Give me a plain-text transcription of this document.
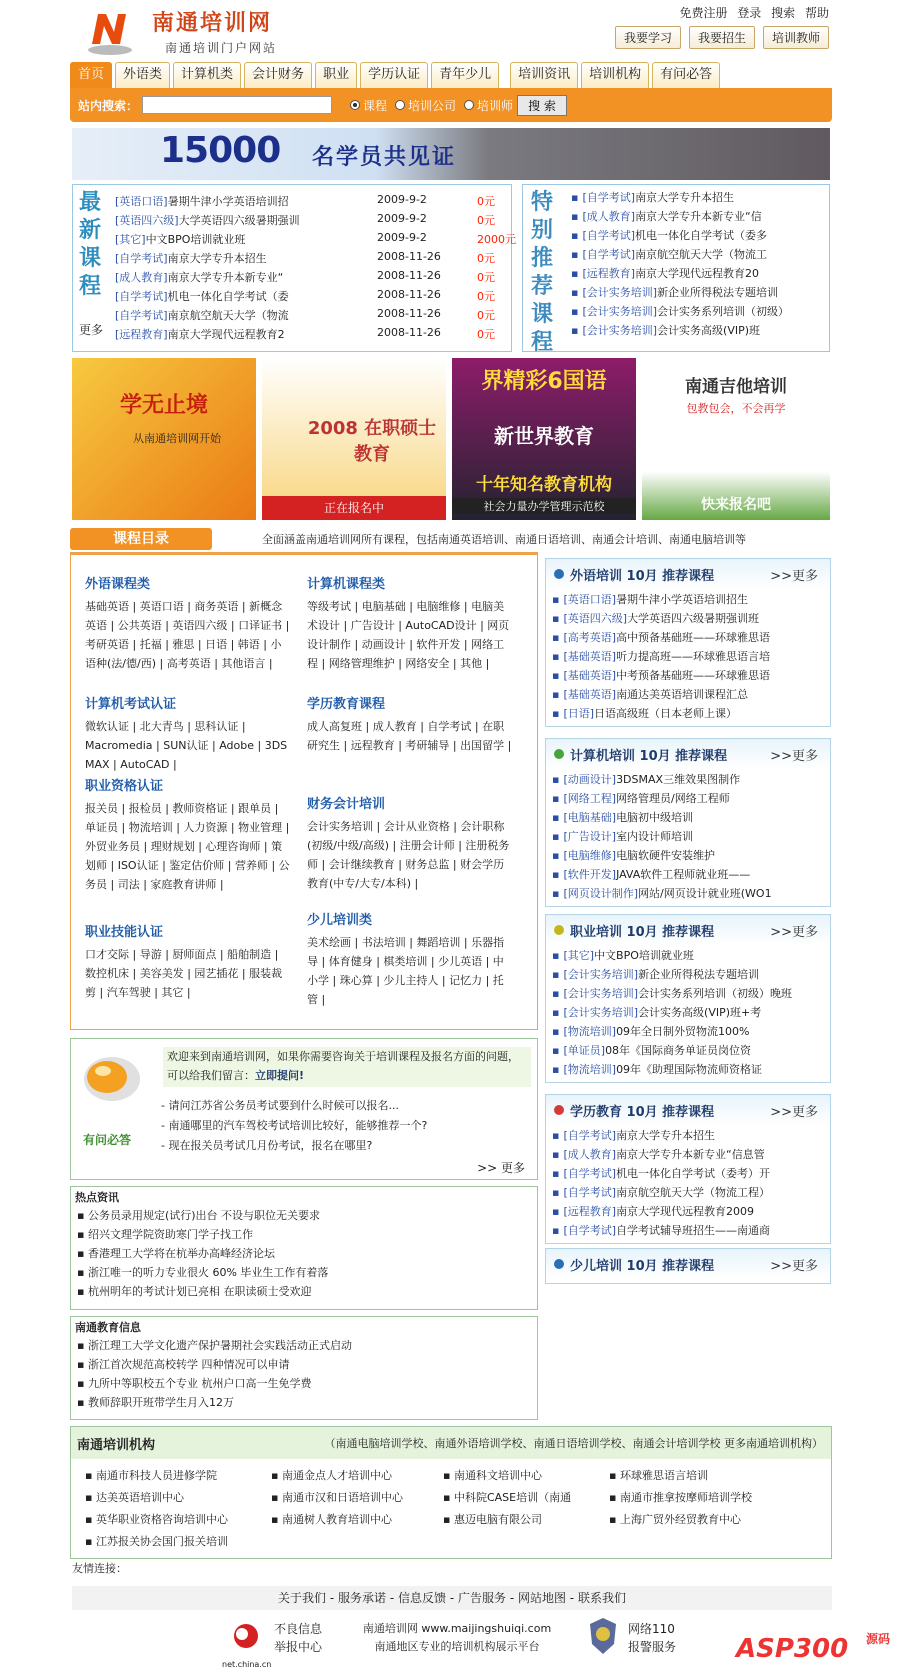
南通培训网
南通培训门户网站
免费注册 登录 搜索 帮助
我要学习	我要招生	培训教师
首页	外语类	计算机类	会计财务	职业	学历认证	青年少儿	培训资讯	培训机构	有问必答
站内搜索：	课程 培训公司 培训师	搜 索
15000 名学员共见证
最新课程
更多
[英语口语]暑期牛津小学英语培训招	2009-9-2	0元
[英语四六级]大学英语四六级暑期强训	2009-9-2	0元
[其它]中文BPO培训就业班	2009-9-2	2000元
[自学考试]南京大学专升本招生	2008-11-26	0元
[成人教育]南京大学专升本新专业“	2008-11-26	0元
[自学考试]机电一体化自学考试（委	2008-11-26	0元
[自学考试]南京航空航天大学（物流	2008-11-26	0元
[远程教育]南京大学现代远程教育2	2008-11-26	0元
特别推荐课程
▪ [自学考试]南京大学专升本招生
▪ [成人教育]南京大学专升本新专业“信
▪ [自学考试]机电一体化自学考试（委多
▪ [自学考试]南京航空航天大学（物流工
▪ [远程教育]南京大学现代远程教育20
▪ [会计实务培训]新企业所得税法专题培训
▪ [会计实务培训]会计实务系列培训（初级）
▪ [会计实务培训]会计实务高级(VIP)班
学无止境
从南通培训网开始	2008 在职硕士教育
正在报名中
界精彩6国语
新世界教育
十年知名教育机构
社会力量办学管理示范校
南通吉他培训
包教包会，不会再学
快来报名吧
课程目录	全面涵盖南通培训网所有课程，包括南通英语培训、南通日语培训、南通会计培训、南通电脑培训等
外语课程类
基础英语 | 英语口语 | 商务英语 | 新概念英语 | 公共英语 | 英语四六级 | 口译证书 | 考研英语 | 托福 | 雅思 | 日语 | 韩语 | 小语种(法/德/西) | 高考英语 | 其他语言 |
计算机课程类
等级考试 | 电脑基础 | 电脑维修 | 电脑美术设计 | 广告设计 | AutoCAD设计 | 网页设计制作 | 动画设计 | 软件开发 | 网络工程 | 网络管理维护 | 网络安全 | 其他 |
计算机考试认证
微软认证 | 北大青鸟 | 思科认证 | Macromedia | SUN认证 | Adobe | 3DS MAX | AutoCAD |
学历教育课程
成人高复班 | 成人教育 | 自学考试 | 在职研究生 | 远程教育 | 考研辅导 | 出国留学 |
职业资格认证
报关员 | 报检员 | 教师资格证 | 跟单员 | 单证员 | 物流培训 | 人力资源 | 物业管理 | 外贸业务员 | 理财规划 | 心理咨询师 | 策划师 | ISO认证 | 鉴定估价师 | 营养师 | 公务员 | 司法 | 家庭教育讲师 |
财务会计培训
会计实务培训 | 会计从业资格 | 会计职称(初级/中级/高级) | 注册会计师 | 注册税务师 | 会计继续教育 | 财务总监 | 财会学历教育(中专/大专/本科) |
职业技能认证
口才交际 | 导游 | 厨师面点 | 船舶制造 | 数控机床 | 美容美发 | 园艺插花 | 服装裁剪 | 汽车驾驶 | 其它 |
少儿培训类
美术绘画 | 书法培训 | 舞蹈培训 | 乐器指导 | 体育健身 | 棋类培训 | 少儿英语 | 中小学 | 珠心算 | 少儿主持人 | 记忆力 | 托管 |
外语培训 10月 推荐课程	>>更多
▪ [英语口语]暑期牛津小学英语培训招生
▪ [英语四六级]大学英语四六级暑期强训班
▪ [高考英语]高中预备基础班——环球雅思语
▪ [基础英语]听力提高班——环球雅思语言培
▪ [基础英语]中考预备基础班——环球雅思语
▪ [基础英语]南通达美英语培训课程汇总
▪ [日语]日语高级班（日本老师上课）
计算机培训 10月 推荐课程	>>更多
▪ [动画设计]3DSMAX三维效果图制作
▪ [网络工程]网络管理员/网络工程师
▪ [电脑基础]电脑初中级培训
▪ [广告设计]室内设计师培训
▪ [电脑维修]电脑软硬件安装维护
▪ [软件开发]JAVA软件工程师就业班——
▪ [网页设计制作]网站/网页设计就业班(WO1
职业培训 10月 推荐课程	>>更多
▪ [其它]中文BPO培训就业班
▪ [会计实务培训]新企业所得税法专题培训
▪ [会计实务培训]会计实务系列培训（初级）晚班
▪ [会计实务培训]会计实务高级(VIP)班+考
▪ [物流培训]09年全日制外贸物流100%
▪ [单证员]08年《国际商务单证员岗位资
▪ [物流培训]09年《助理国际物流师资格证
学历教育 10月 推荐课程	>>更多
▪ [自学考试]南京大学专升本招生
▪ [成人教育]南京大学专升本新专业“信息管
▪ [自学考试]机电一体化自学考试（委考）开
▪ [自学考试]南京航空航天大学（物流工程）
▪ [远程教育]南京大学现代远程教育2009
▪ [自学考试]自学考试辅导班招生——南通商
少儿培训 10月 推荐课程	>>更多
有问必答
欢迎来到南通培训网，如果你需要咨询关于培训课程及报名方面的问题，可以给我们留言：立即提问!
- 请问江苏省公务员考试要到什么时候可以报名...
- 南通哪里的汽车驾校考试培训比较好，能够推荐一个?
- 现在报关员考试几月份考试，报名在哪里?
>> 更多
热点资讯
▪ 公务员录用规定(试行)出台 不设与职位无关要求
▪ 绍兴文理学院资助寒门学子找工作
▪ 香港理工大学将在杭举办高峰经济论坛
▪ 浙江唯一的听力专业很火 60% 毕业生工作有着落
▪ 杭州明年的考试计划已亮相 在职读硕士受欢迎
南通教育信息
▪ 浙江理工大学文化遗产保护暑期社会实践活动正式启动
▪ 浙江首次规范高校转学 四种情况可以申请
▪ 九所中等职校五个专业 杭州户口高一生免学费
▪ 教师辞职开班带学生月入12万
南通培训机构	（南通电脑培训学校、南通外语培训学校、南通日语培训学校、南通会计培训学校 更多南通培训机构）
▪ 南通市科技人员进修学院	▪ 南通金点人才培训中心	▪ 南通科文培训中心	▪ 环球雅思语言培训
▪ 达美英语培训中心	▪ 南通市汉和日语培训中心	▪ 中科院CASE培训（南通	▪ 南通市推拿按摩师培训学校
▪ 英华职业资格咨询培训中心	▪ 南通树人教育培训中心	▪ 惠迈电脑有限公司	▪ 上海广贸外经贸教育中心
▪ 江苏报关协会国门报关培训
友情连接：
关于我们 - 服务承诺 - 信息反馈 - 广告服务 - 网站地图 - 联系我们
net.china.cn
不良信息
举报中心
南通培训网 www.maijingshuiqi.com
南通地区专业的培训机构展示平台
网络110
报警服务 ASP300 源码
